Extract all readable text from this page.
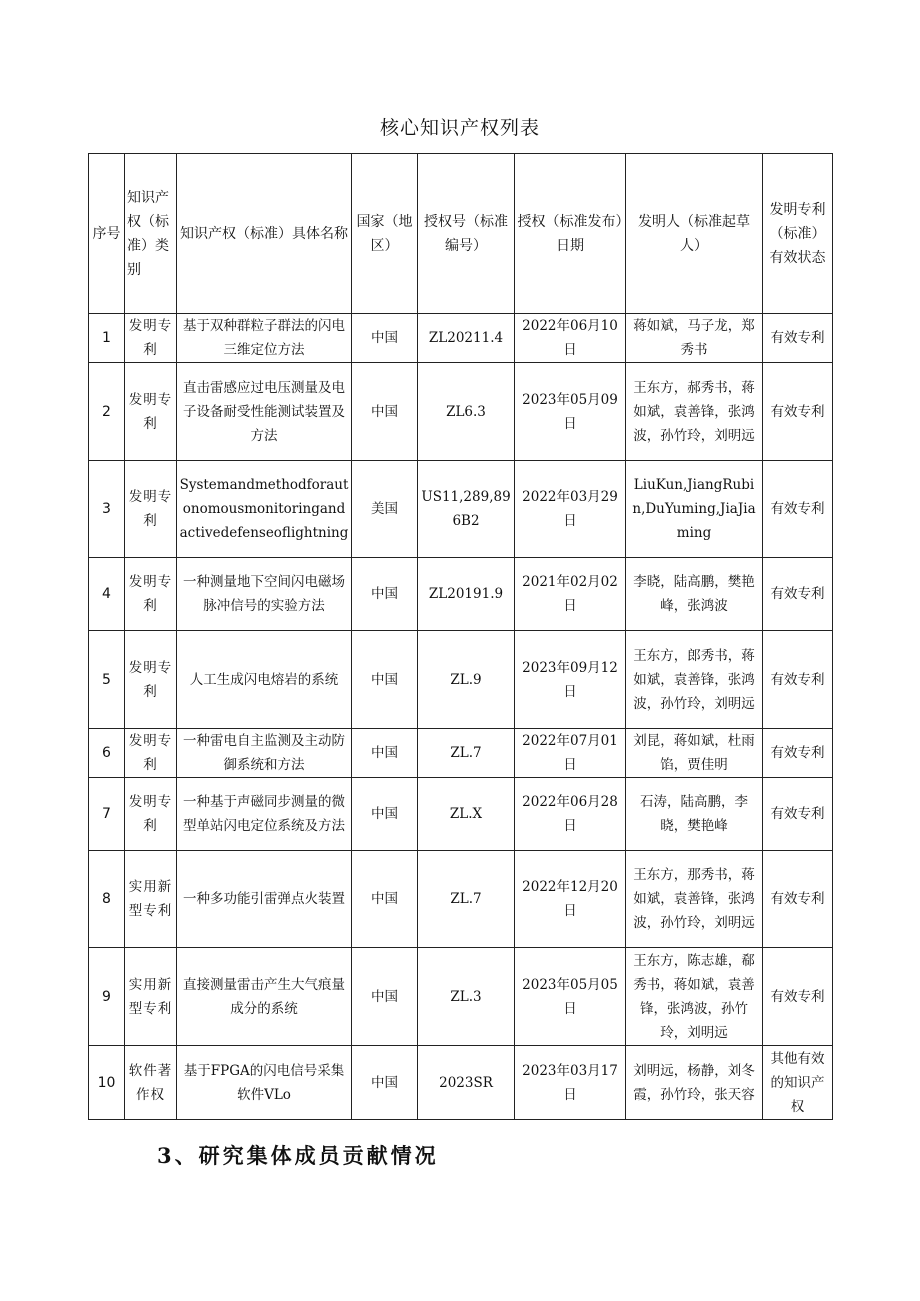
核心知识产权列表
序号	知识产权（标准）类别	知识产权（标准）具体名称	国家（地区）	授权号（标准编号）	授权（标准发布）日期	发明人（标准起草人）	发明专利（标准）有效状态
1	发明专利	基于双种群粒子群法的闪电三维定位方法	中国	ZL20211.4	2022年06月10日	蒋如斌，马子龙，郑秀书	有效专利
2	发明专利	直击雷感应过电压测量及电子设备耐受性能测试装置及方法	中国	ZL6.3	2023年05月09日	王东方，郝秀书，蒋如斌，袁善锋，张鸿波，孙竹玲，刘明远	有效专利
3	发明专利	Systemandmethodforautonomousmonitoringandactivedefenseoflightning	美国	US11,289,896B2	2022年03月29日	LiuKun,JiangRubin,DuYuming,JiaJiaming	有效专利
4	发明专利	一种测量地下空间闪电磁场脉冲信号的实验方法	中国	ZL20191.9	2021年02月02日	李晓，陆高鹏，樊艳峰，张鸿波	有效专利
5	发明专利	人工生成闪电熔岩的系统	中国	ZL.9	2023年09月12日	王东方，郎秀书，蒋如斌，袁善锋，张鸿波，孙竹玲，刘明远	有效专利
6	发明专利	一种雷电自主监测及主动防御系统和方法	中国	ZL.7	2022年07月01日	刘昆，蒋如斌，杜雨馅，贾佳明	有效专利
7	发明专利	一种基于声磁同步测量的微型单站闪电定位系统及方法	中国	ZL.X	2022年06月28日	石涛，陆高鹏，李晓，樊艳峰	有效专利
8	实用新型专利	一种多功能引雷弹点火装置	中国	ZL.7	2022年12月20日	王东方，那秀书，蒋如斌，袁善锋，张鸿波，孙竹玲，刘明远	有效专利
9	实用新型专利	直接测量雷击产生大气痕量成分的系统	中国	ZL.3	2023年05月05日	王东方，陈志雄，郗秀书，蒋如斌，袁善锋，张鸿波，孙竹玲，刘明远	有效专利
10	软件著作权	基于FPGA的闪电信号采集软件VLo	中国	2023SR	2023年03月17日	刘明远，杨静，刘冬霞，孙竹玲，张天容	其他有效的知识产权
3、研究集体成员贡献情况
